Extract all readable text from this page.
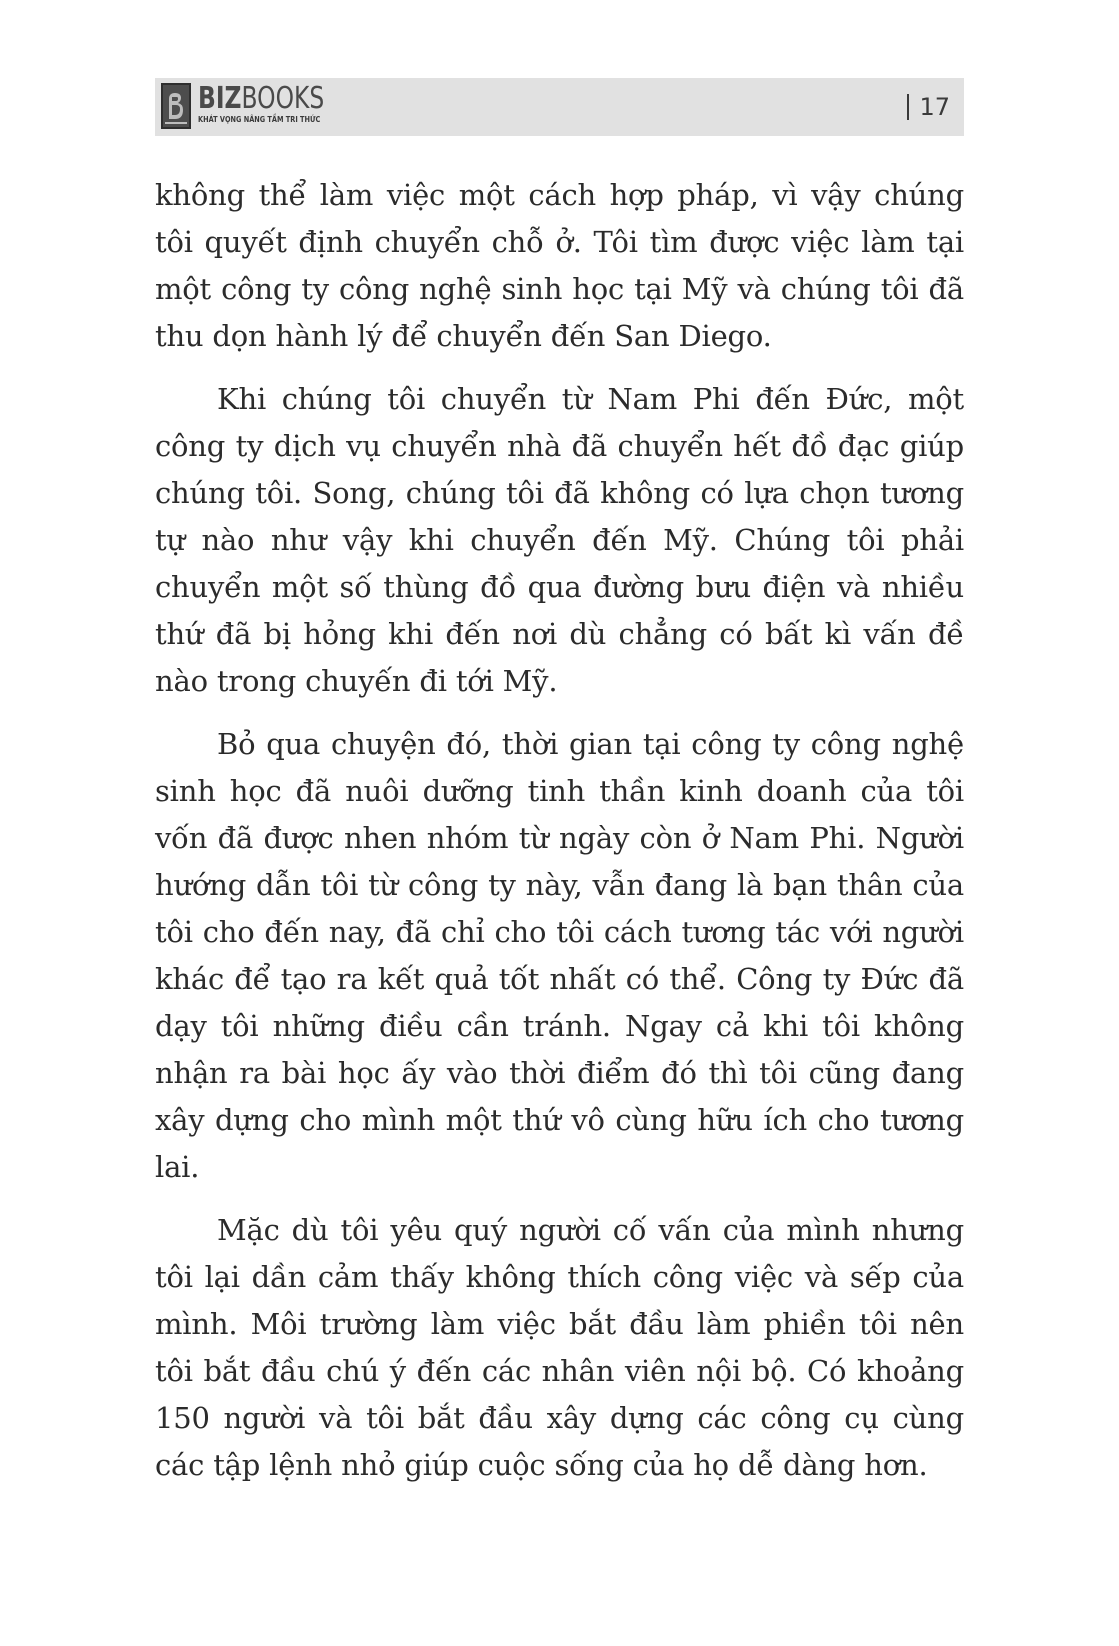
BIZBOOKS
KHÁT VỌNG NÂNG TẦM TRI THỨC	17

không thể làm việc một cách hợp pháp, vì vậy chúng tôi quyết định chuyển chỗ ở. Tôi tìm được việc làm tại một công ty công nghệ sinh học tại Mỹ và chúng tôi đã thu dọn hành lý để chuyển đến San Diego.

Khi chúng tôi chuyển từ Nam Phi đến Đức, một công ty dịch vụ chuyển nhà đã chuyển hết đồ đạc giúp chúng tôi. Song, chúng tôi đã không có lựa chọn tương tự nào như vậy khi chuyển đến Mỹ. Chúng tôi phải chuyển một số thùng đồ qua đường bưu điện và nhiều thứ đã bị hỏng khi đến nơi dù chẳng có bất kì vấn đề nào trong chuyến đi tới Mỹ.

Bỏ qua chuyện đó, thời gian tại công ty công nghệ sinh học đã nuôi dưỡng tinh thần kinh doanh của tôi vốn đã được nhen nhóm từ ngày còn ở Nam Phi. Người hướng dẫn tôi từ công ty này, vẫn đang là bạn thân của tôi cho đến nay, đã chỉ cho tôi cách tương tác với người khác để tạo ra kết quả tốt nhất có thể. Công ty Đức đã dạy tôi những điều cần tránh. Ngay cả khi tôi không nhận ra bài học ấy vào thời điểm đó thì tôi cũng đang xây dựng cho mình một thứ vô cùng hữu ích cho tương lai.

Mặc dù tôi yêu quý người cố vấn của mình nhưng tôi lại dần cảm thấy không thích công việc và sếp của mình. Môi trường làm việc bắt đầu làm phiền tôi nên tôi bắt đầu chú ý đến các nhân viên nội bộ. Có khoảng 150 người và tôi bắt đầu xây dựng các công cụ cùng các tập lệnh nhỏ giúp cuộc sống của họ dễ dàng hơn.
